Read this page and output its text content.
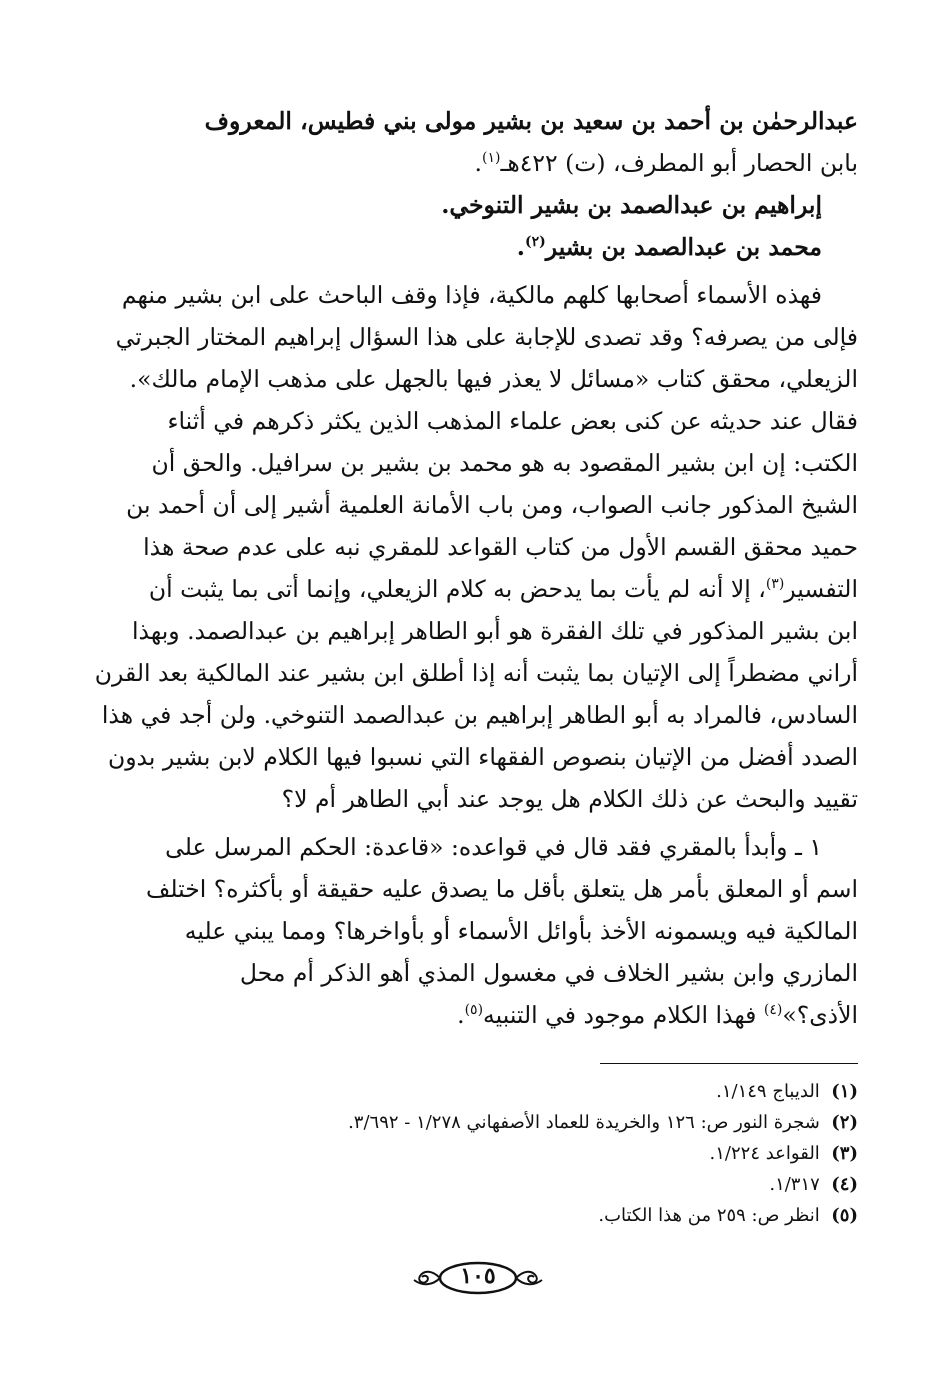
عبدالرحمٰن بن أحمد بن سعيد بن بشير مولى بني فطيس، المعروف
بابن الحصار أبو المطرف، (ت) ٤٢٢هـ$^{(١)}$.
إبراهيم بن عبدالصمد بن بشير التنوخي.
محمد بن عبدالصمد بن بشير$^{(٢)}$.
فهذه الأسماء أصحابها كلهم مالكية، فإذا وقف الباحث على ابن بشير منهم
فإلى من يصرفه؟ وقد تصدى للإجابة على هذا السؤال إبراهيم المختار الجبرتي
الزيعلي، محقق كتاب «مسائل لا يعذر فيها بالجهل على مذهب الإمام مالك».
فقال عند حديثه عن كنى بعض علماء المذهب الذين يكثر ذكرهم في أثناء
الكتب: إن ابن بشير المقصود به هو محمد بن بشير بن سرافيل. والحق أن
الشيخ المذكور جانب الصواب، ومن باب الأمانة العلمية أشير إلى أن أحمد بن
حميد محقق القسم الأول من كتاب القواعد للمقري نبه على عدم صحة هذا
التفسير$^{(٣)}$، إلا أنه لم يأت بما يدحض به كلام الزيعلي، وإنما أتى بما يثبت أن
ابن بشير المذكور في تلك الفقرة هو أبو الطاهر إبراهيم بن عبدالصمد. وبهذا
أراني مضطراً إلى الإتيان بما يثبت أنه إذا أطلق ابن بشير عند المالكية بعد القرن
السادس، فالمراد به أبو الطاهر إبراهيم بن عبدالصمد التنوخي. ولن أجد في هذا
الصدد أفضل من الإتيان بنصوص الفقهاء التي نسبوا فيها الكلام لابن بشير بدون
تقييد والبحث عن ذلك الكلام هل يوجد عند أبي الطاهر أم لا؟
١ ـ وأبدأ بالمقري فقد قال في قواعده: «قاعدة: الحكم المرسل على
اسم أو المعلق بأمر هل يتعلق بأقل ما يصدق عليه حقيقة أو بأكثره؟ اختلف
المالكية فيه ويسمونه الأخذ بأوائل الأسماء أو بأواخرها؟ ومما يبني عليه
المازري وابن بشير الخلاف في مغسول المذي أهو الذكر أم محل
الأذى؟»$^{(٤)}$ فهذا الكلام موجود في التنبيه$^{(٥)}$.
(١)  الديباج ١/١٤٩.
(٢)  شجرة النور ص: ١٢٦ والخريدة للعماد الأصفهاني ١/٢٧٨ - ٣/٦٩٢.
(٣)  القواعد ١/٢٢٤.
(٤)  ١/٣١٧.
(٥)  انظر ص: ٢٥٩ من هذا الكتاب.
١٠٥
